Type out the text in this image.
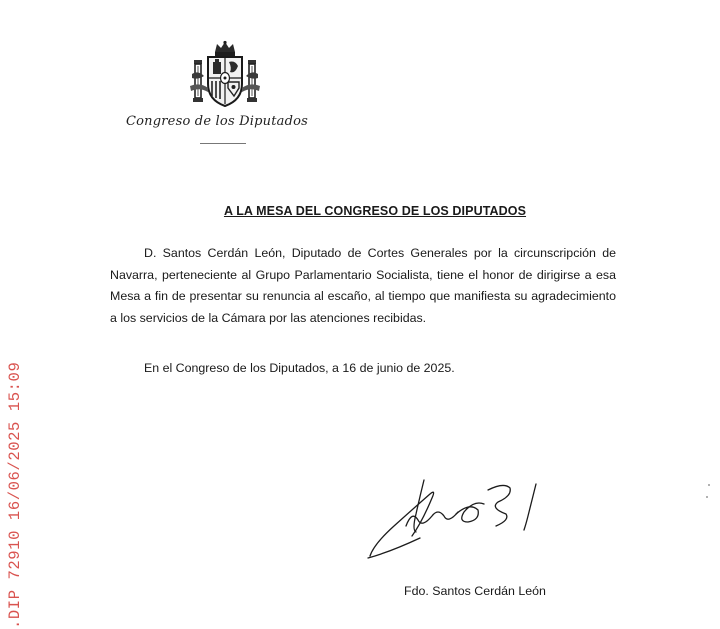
Congreso de los Diputados
A LA MESA DEL CONGRESO DE LOS DIPUTADOS

D. Santos Cerdán León, Diputado de Cortes Generales por la circunscripción de Navarra, perteneciente al Grupo Parlamentario Socialista, tiene el honor de dirigirse a esa Mesa a fin de presentar su renuncia al escaño, al tiempo que manifiesta su agradecimiento a los servicios de la Cámara por las atenciones recibidas.

En el Congreso de los Diputados, a 16 de junio de 2025.

Fdo. Santos Cerdán León
.DIP 72910 16/06/2025 15:09
